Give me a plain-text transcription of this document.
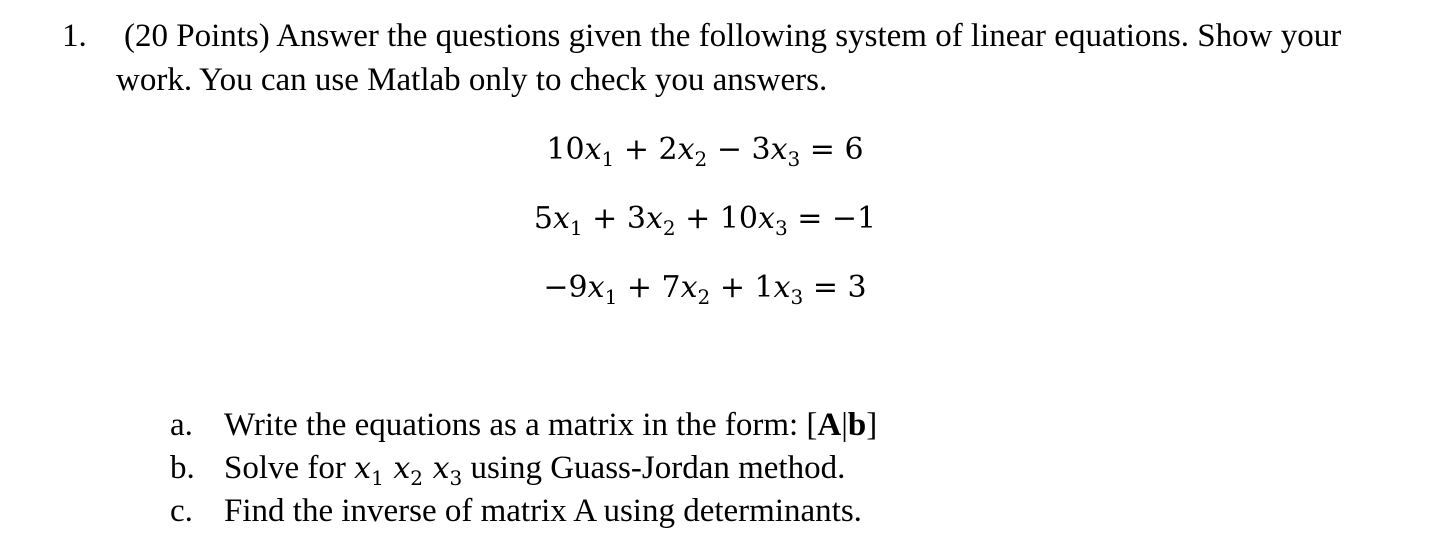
1. (20 Points) Answer the questions given the following system of linear equations. Show your work. You can use Matlab only to check you answers.
$10x_1 + 2x_2 - 3x_3 = 6$
$5x_1 + 3x_2 + 10x_3 = -1$
$-9x_1 + 7x_2 + 1x_3 = 3$
a. Write the equations as a matrix in the form: [A|b]
b. Solve for $x_1$ $x_2$ $x_3$ using Guass-Jordan method.
c. Find the inverse of matrix A using determinants.
